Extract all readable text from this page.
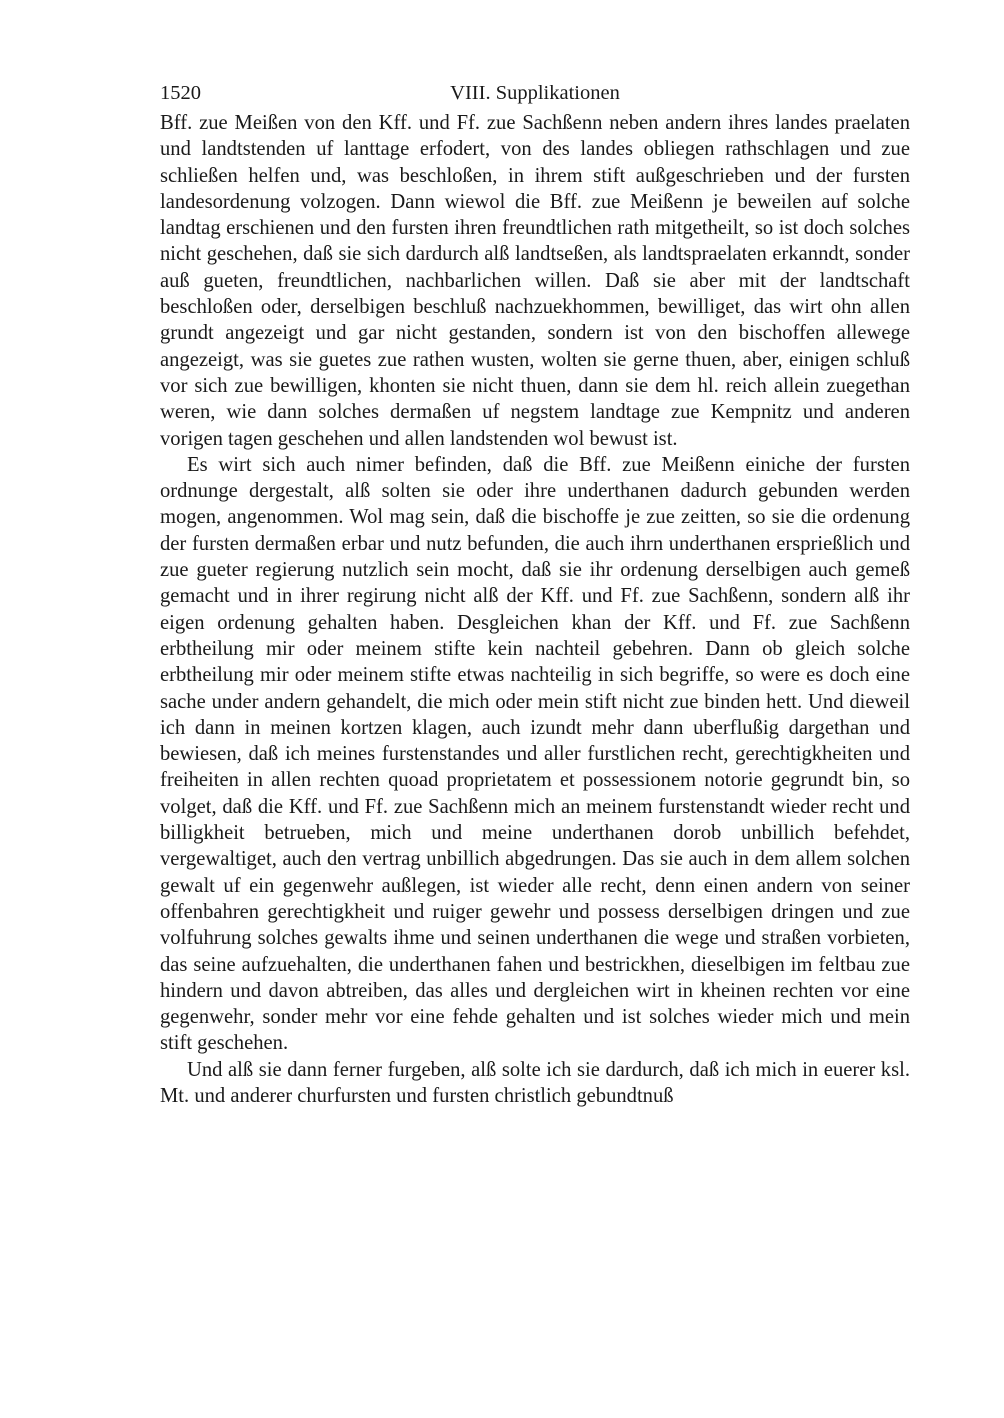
1520	VIII. Supplikationen

Bff. zue Meißen von den Kff. und Ff. zue Sachßenn neben andern ihres landes praelaten und landtstenden uf lanttage erfodert, von des landes obliegen rathschlagen und zue schließen helfen und, was beschloßen, in ihrem stift außgeschrieben und der fursten landesordenung volzogen. Dann wiewol die Bff. zue Meißenn je beweilen auf solche landtag erschienen und den fursten ihren freundtlichen rath mitgetheilt, so ist doch solches nicht geschehen, daß sie sich dardurch alß landtseßen, als landtspraelaten erkanndt, sonder auß gueten, freundtlichen, nachbarlichen willen. Daß sie aber mit der landtschaft beschloßen oder, derselbigen beschluß nachzuekhommen, bewilliget, das wirt ohn allen grundt angezeigt und gar nicht gestanden, sondern ist von den bischoffen allewege angezeigt, was sie guetes zue rathen wusten, wolten sie gerne thuen, aber, einigen schluß vor sich zue bewilligen, khonten sie nicht thuen, dann sie dem hl. reich allein zuegethan weren, wie dann solches dermaßen uf negstem landtage zue Kempnitz und anderen vorigen tagen geschehen und allen landstenden wol bewust ist.

Es wirt sich auch nimer befinden, daß die Bff. zue Meißenn einiche der fursten ordnunge dergestalt, alß solten sie oder ihre underthanen dadurch gebunden werden mogen, angenommen. Wol mag sein, daß die bischoffe je zue zeitten, so sie die ordenung der fursten dermaßen erbar und nutz befunden, die auch ihrn underthanen ersprießlich und zue gueter regierung nutzlich sein mocht, daß sie ihr ordenung derselbigen auch gemeß gemacht und in ihrer regirung nicht alß der Kff. und Ff. zue Sachßenn, sondern alß ihr eigen ordenung gehalten haben. Desgleichen khan der Kff. und Ff. zue Sachßenn erbtheilung mir oder meinem stifte kein nachteil gebehren. Dann ob gleich solche erbtheilung mir oder meinem stifte etwas nachteilig in sich begriffe, so were es doch eine sache under andern gehandelt, die mich oder mein stift nicht zue binden hett. Und dieweil ich dann in meinen kortzen klagen, auch izundt mehr dann uberflußig dargethan und bewiesen, daß ich meines furstenstandes und aller furstlichen recht, gerechtigkheiten und freiheiten in allen rechten quoad proprietatem et possessionem notorie gegrundt bin, so volget, daß die Kff. und Ff. zue Sachßenn mich an meinem furstenstandt wieder recht und billigkheit betrueben, mich und meine underthanen dorob unbillich befehdet, vergewaltiget, auch den vertrag unbillich abgedrungen. Das sie auch in dem allem solchen gewalt uf ein gegenwehr außlegen, ist wieder alle recht, denn einen andern von seiner offenbahren gerechtigkheit und ruiger gewehr und possess derselbigen dringen und zue volfuhrung solches gewalts ihme und seinen underthanen die wege und straßen vorbieten, das seine aufzuehalten, die underthanen fahen und bestrickhen, dieselbigen im feltbau zue hindern und davon abtreiben, das alles und dergleichen wirt in kheinen rechten vor eine gegenwehr, sonder mehr vor eine fehde gehalten und ist solches wieder mich und mein stift geschehen.

Und alß sie dann ferner furgeben, alß solte ich sie dardurch, daß ich mich in euerer ksl. Mt. und anderer churfursten und fursten christlich gebundtnuß
